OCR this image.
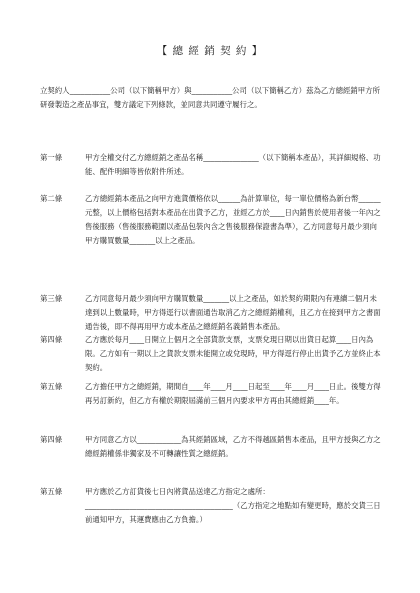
【 總 經 銷 契 約 】
立契約人___________公司（以下簡稱甲方）與___________公司（以下簡稱乙方）茲為乙方總經銷甲方所研發製造之產品事宜，雙方議定下列條款，並同意共同遵守履行之。
第一條	甲方全權交付乙方總經銷之產品名稱_______________（以下簡稱本產品），其詳細規格、功能、配件明細等皆依附件所述。
第二條	乙方總經銷本產品之向甲方進貨價格依以______為計算單位，每一單位價格為新台幣______元整，以上價格包括對本產品在出貨予乙方，並經乙方於____日內銷售於使用者後一年內之售後服務（售後服務範圍以產品包裝內含之售後服務保證書為準），乙方同意每月最少須向甲方購買數量_______以上之產品。
第三條	乙方同意每月最少須向甲方購買數量_______以上之產品，如於契約期限內有連續二個月未達到以上數量時，甲方得逕行以書面通告取消乙方之總經銷權利，且乙方在接到甲方之書面通告後，即不得再用甲方或本產品之總經銷名義銷售本產品。
第四條	乙方應於每月____日開立上個月之全部貨款支票，支票兌現日期以出貨日起算____日內為限。乙方如有一期以上之貨款支票未能開立或兌現時，甲方得逕行停止出貨予乙方並終止本契約。
第五條	乙方擔任甲方之總經銷，期間自____年____月____日起至____年____月____日止。後雙方得再另訂新約，但乙方有權於期限屆滿前三個月內要求甲方再由其總經銷____年。
第四條	甲方同意乙方以____________為其經銷區域，乙方不得越區銷售本產品，且甲方授與乙方之總經銷權係非獨家及不可轉讓性質之總經銷。
第五條	甲方應於乙方訂貨後七日內將貨品送達乙方指定之處所：________________________________________（乙方指定之地點如有變更時，應於交貨三日前通知甲方，其運費應由乙方負擔。）
